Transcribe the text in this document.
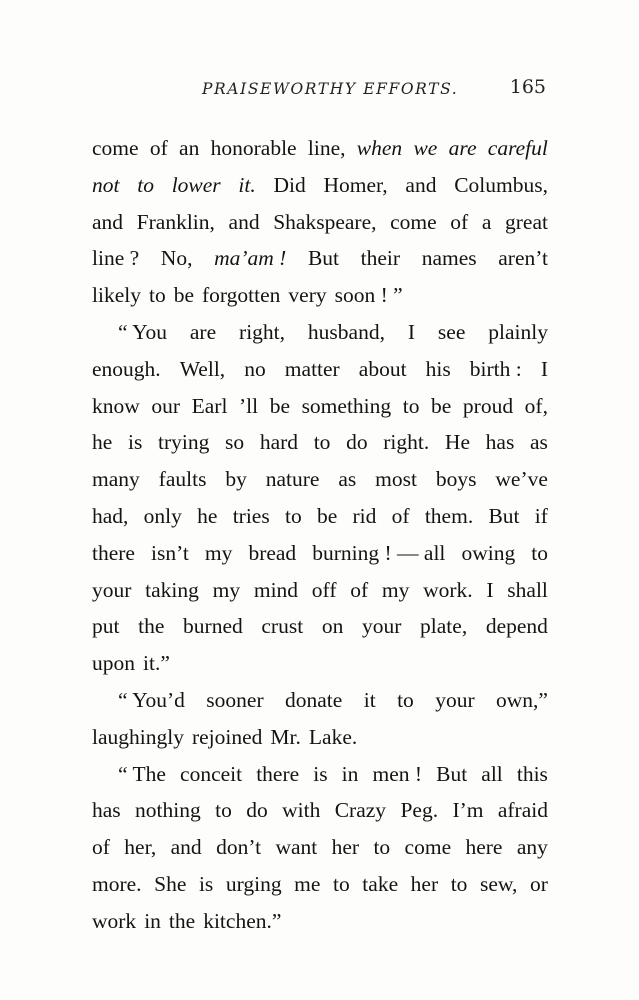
PRAISEWORTHY EFFORTS.	165
come of an honorable line, when we are careful
not to lower it. Did Homer, and Columbus,
and Franklin, and Shakspeare, come of a great
line ? No, ma’am ! But their names aren’t
likely to be forgotten very soon ! ”
“ You are right, husband, I see plainly
enough. Well, no matter about his birth : I
know our Earl ’ll be something to be proud of,
he is trying so hard to do right. He has as
many faults by nature as most boys we’ve
had, only he tries to be rid of them. But if
there isn’t my bread burning ! — all owing to
your taking my mind off of my work. I shall
put the burned crust on your plate, depend
upon it.”
“ You’d sooner donate it to your own,”
laughingly rejoined Mr. Lake.
“ The conceit there is in men ! But all this
has nothing to do with Crazy Peg. I’m afraid
of her, and don’t want her to come here any
more. She is urging me to take her to sew, or
work in the kitchen.”
